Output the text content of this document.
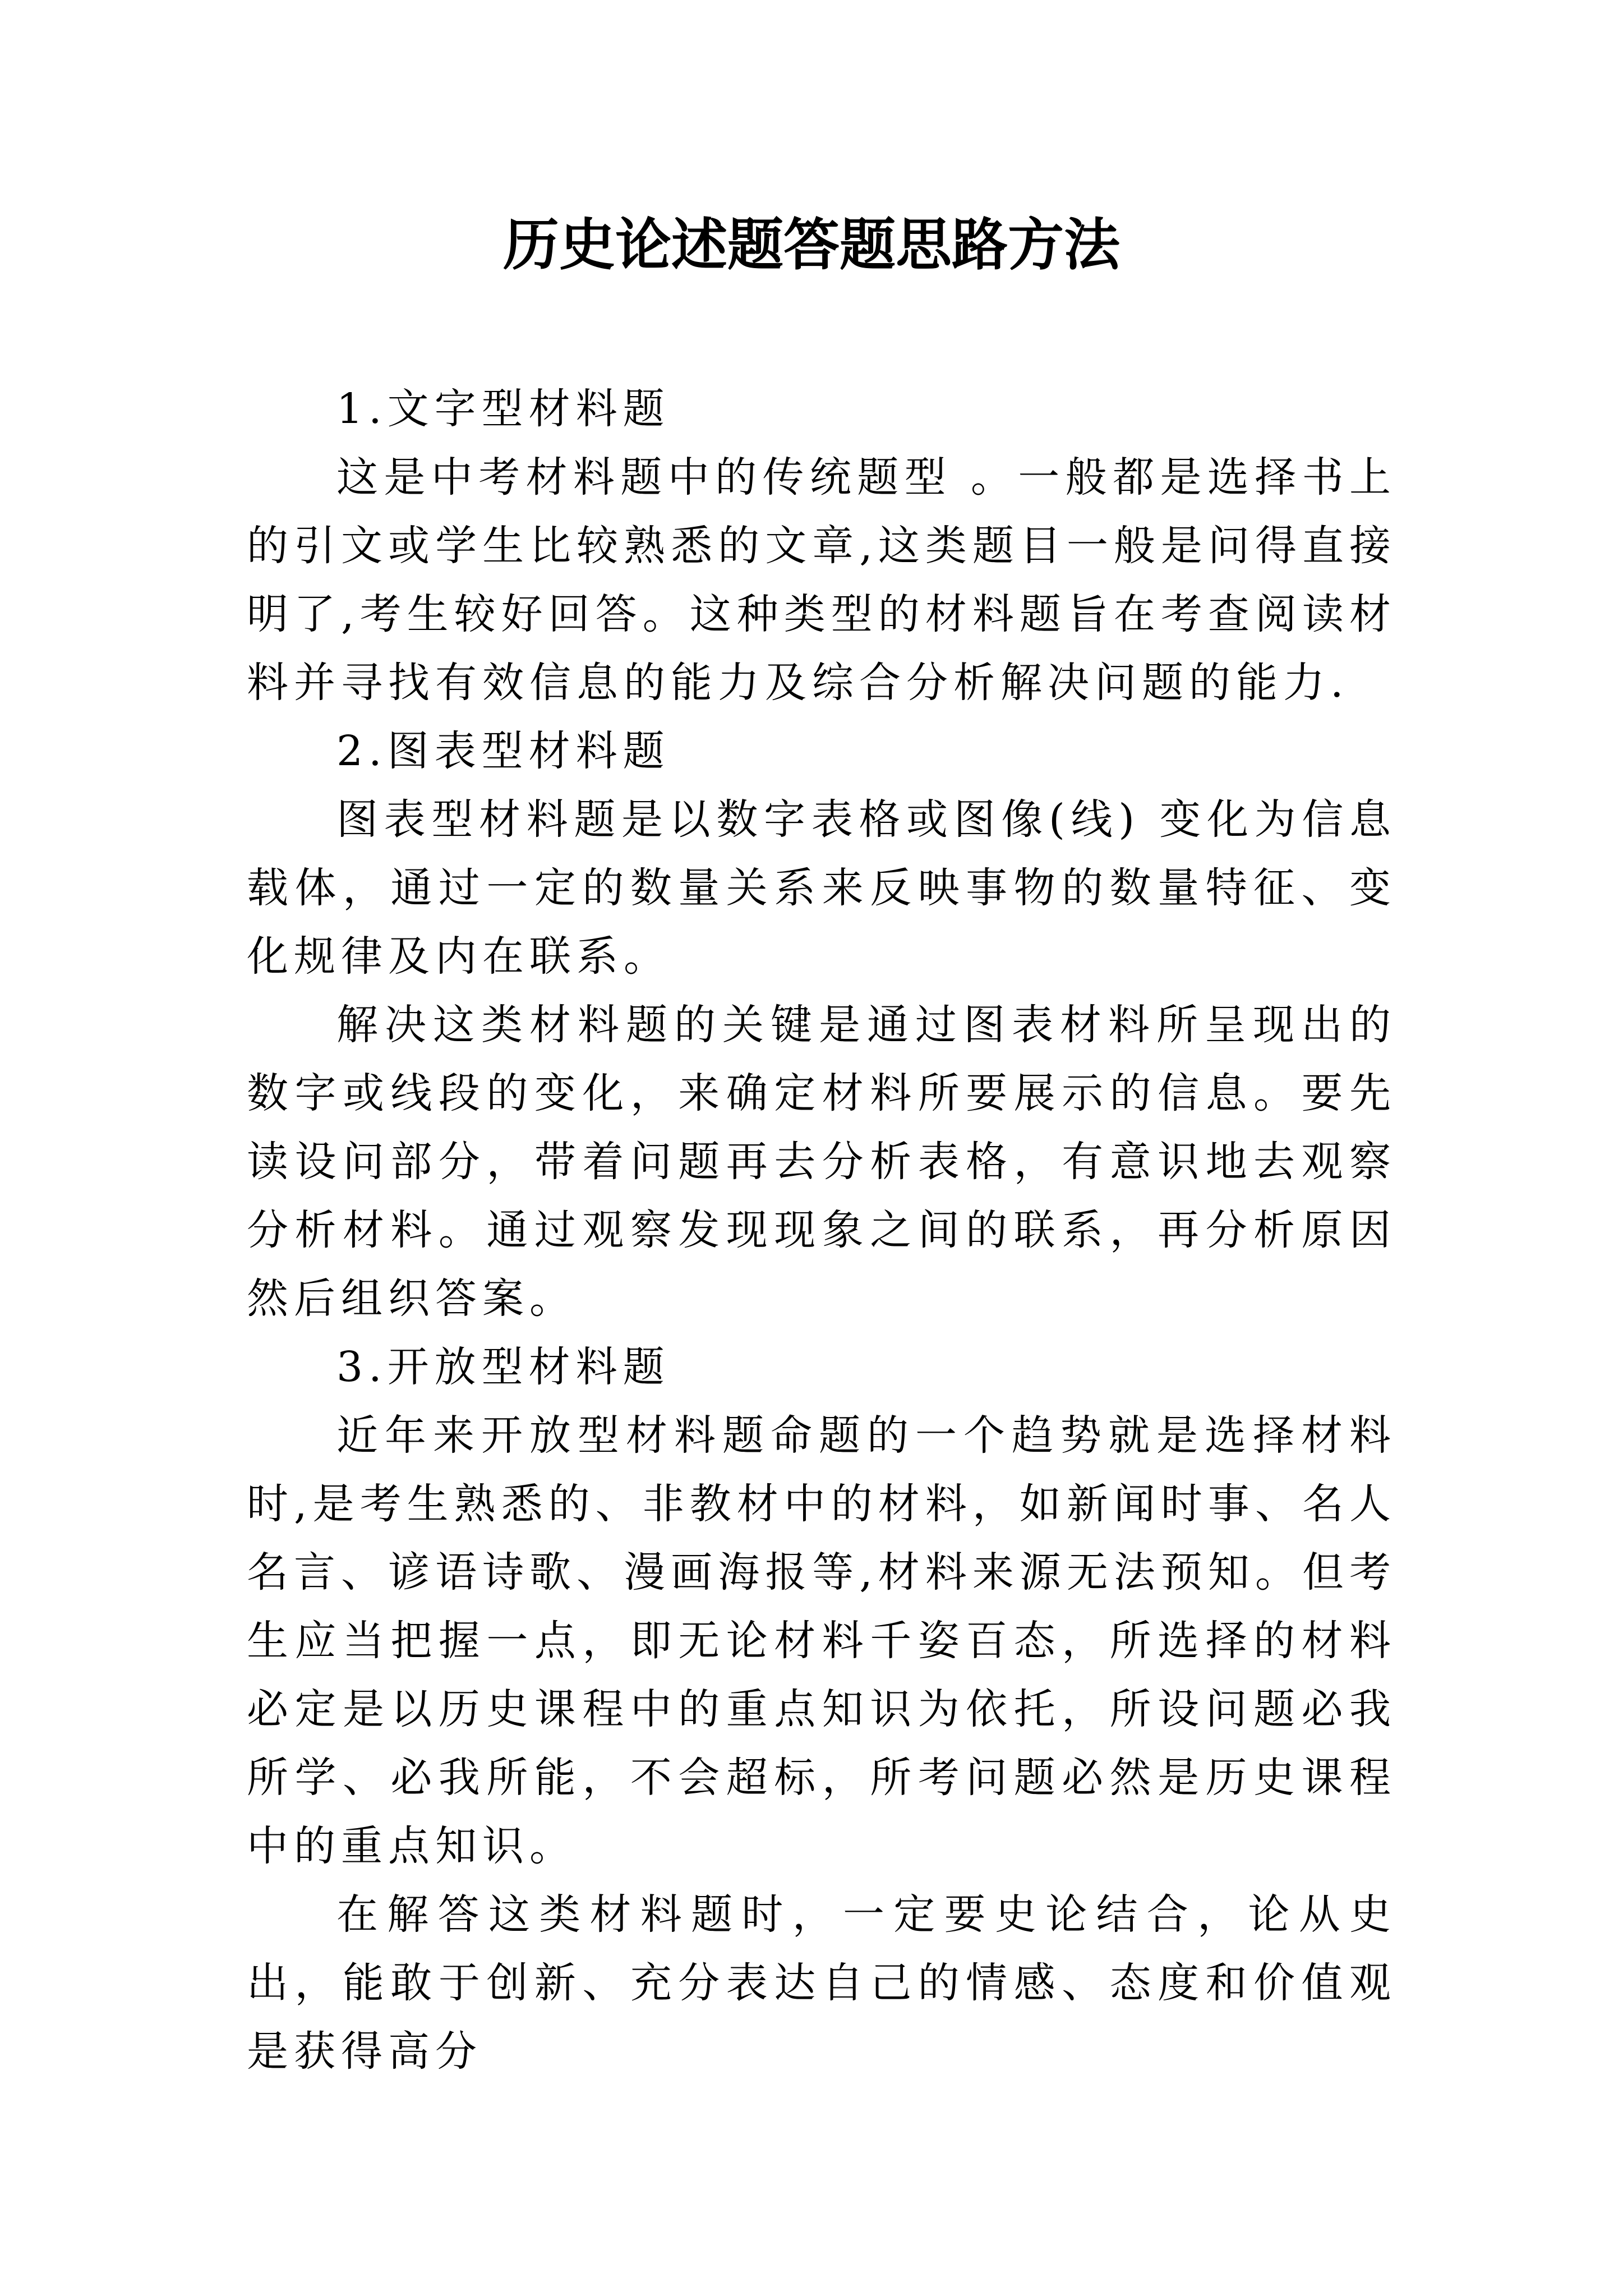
历史论述题答题思路方法

1.文字型材料题

这是中考材料题中的传统题型 。一般都是选择书上的引文或学生比较熟悉的文章,这类题目一般是问得直接明了,考生较好回答。这种类型的材料题旨在考查阅读材料并寻找有效信息的能力及综合分析解决问题的能力.

2.图表型材料题

图表型材料题是以数字表格或图像(线) 变化为信息载体，通过一定的数量关系来反映事物的数量特征、变化规律及内在联系。

解决这类材料题的关键是通过图表材料所呈现出的数字或线段的变化，来确定材料所要展示的信息。要先读设问部分，带着问题再去分析表格，有意识地去观察分析材料。通过观察发现现象之间的联系，再分析原因然后组织答案。

3.开放型材料题

近年来开放型材料题命题的一个趋势就是选择材料时,是考生熟悉的、非教材中的材料，如新闻时事、名人名言、谚语诗歌、漫画海报等,材料来源无法预知。但考生应当把握一点，即无论材料千姿百态，所选择的材料必定是以历史课程中的重点知识为依托，所设问题必我所学、必我所能，不会超标，所考问题必然是历史课程中的重点知识。

在解答这类材料题时，一定要史论结合，论从史出，能敢于创新、充分表达自己的情感、态度和价值观是获得高分
